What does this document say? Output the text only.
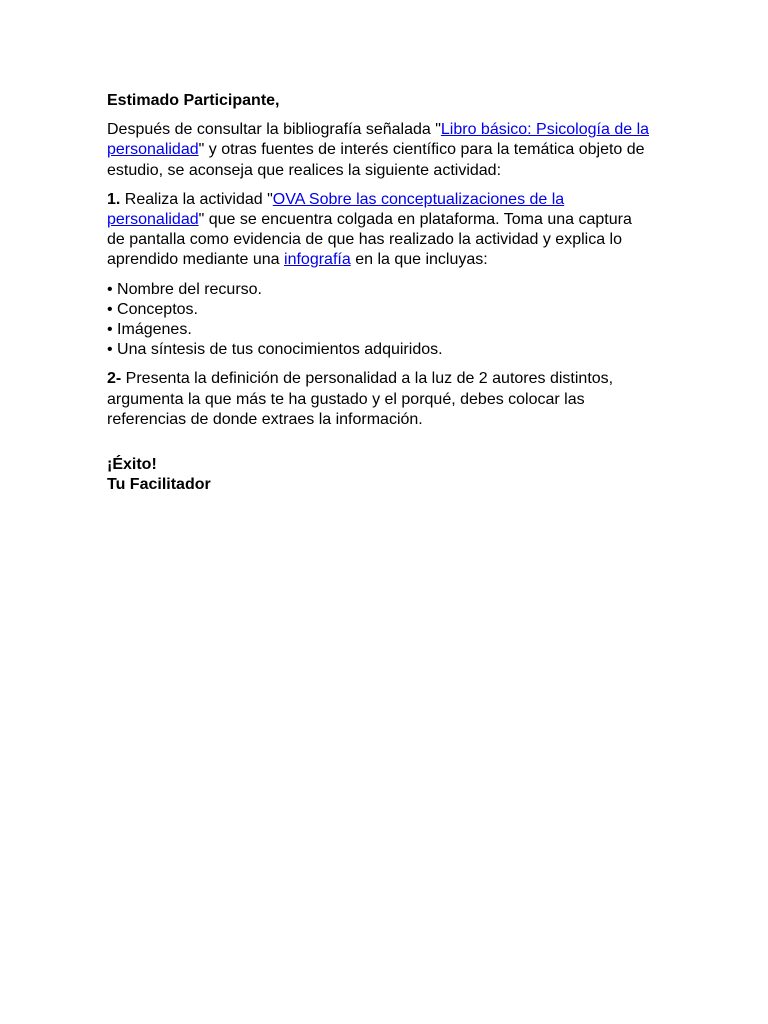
Estimado Participante,

Después de consultar la bibliografía señalada "Libro básico: Psicología de la personalidad" y otras fuentes de interés científico para la temática objeto de estudio, se aconseja que realices la siguiente actividad:

1. Realiza la actividad "OVA Sobre las conceptualizaciones de la personalidad" que se encuentra colgada en plataforma. Toma una captura de pantalla como evidencia de que has realizado la actividad y explica lo aprendido mediante una infografía en la que incluyas:

• Nombre del recurso.
• Conceptos.
• Imágenes.
• Una síntesis de tus conocimientos adquiridos.

2- Presenta la definición de personalidad a la luz de 2 autores distintos, argumenta la que más te ha gustado y el porqué, debes colocar las referencias de donde extraes la información.

¡Éxito!
Tu Facilitador
